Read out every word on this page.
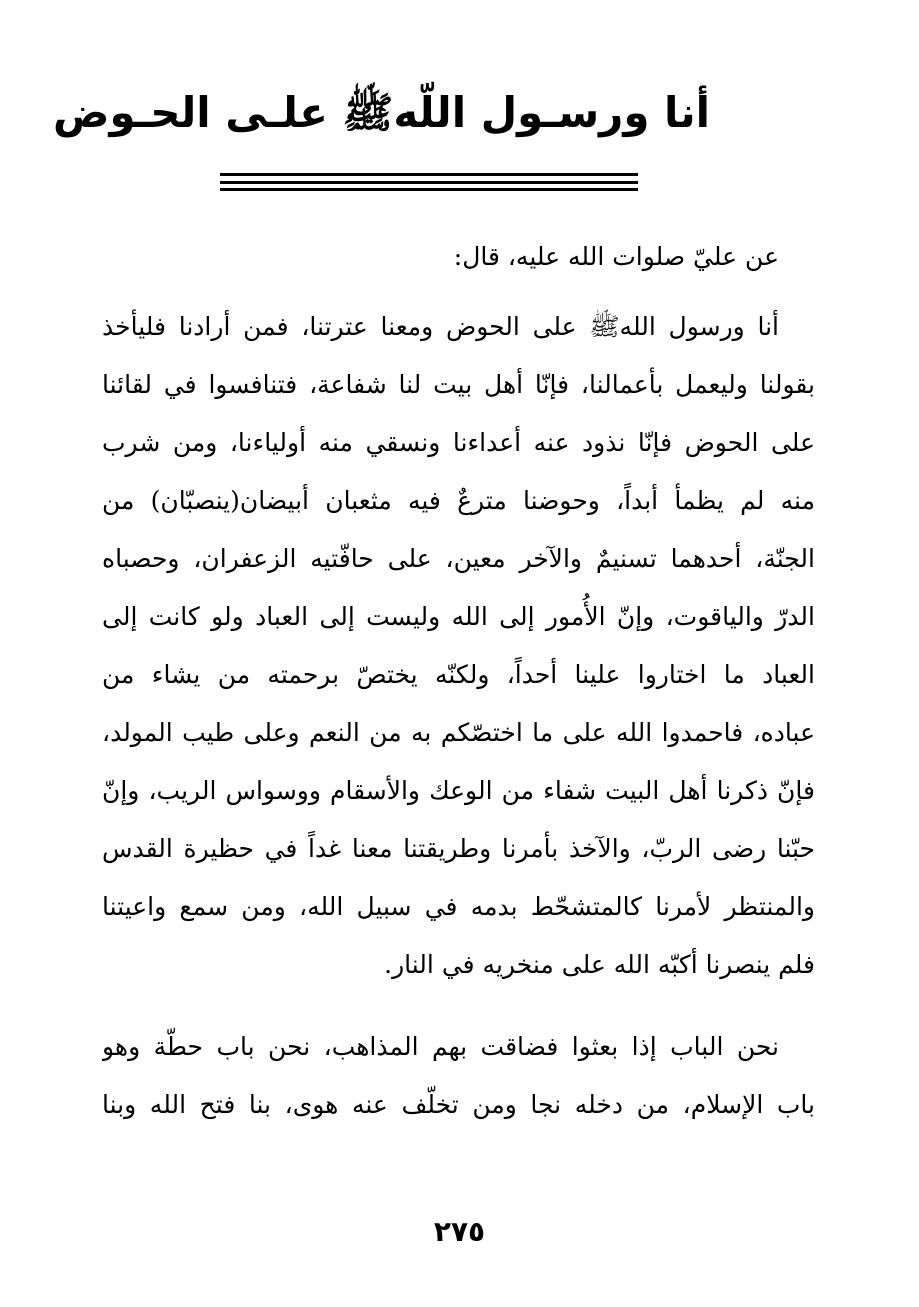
أنا ورسـول اللّهﷺ علـى الحـوض
عن عليّ صلوات الله عليه، قال:
أنا ورسول اللهﷺ على الحوض ومعنا عترتنا، فمن أرادنا فليأخذ
بقولنا وليعمل بأعمالنا، فإنّا أهل بيت لنا شفاعة، فتنافسوا في لقائنا
على الحوض فإنّا نذود عنه أعداءنا ونسقي منه أولياءنا، ومن شرب
منه لم يظمأ أبداً، وحوضنا مترعٌ فيه مثعبان أبيضان(ينصبّان) من
الجنّة، أحدهما تسنيمٌ والآخر معين، على حافّتيه الزعفران، وحصباه
الدرّ والياقوت، وإنّ الأُمور إلى الله وليست إلى العباد ولو كانت إلى
العباد ما اختاروا علينا أحداً، ولكنّه يختصّ برحمته من يشاء من
عباده، فاحمدوا الله على ما اختصّكم به من النعم وعلى طيب المولد،
فإنّ ذكرنا أهل البيت شفاء من الوعك والأسقام ووسواس الريب، وإنّ
حبّنا رضى الربّ، والآخذ بأمرنا وطريقتنا معنا غداً في حظيرة القدس
والمنتظر لأمرنا كالمتشحّط بدمه في سبيل الله، ومن سمع واعيتنا
فلم ينصرنا أكبّه الله على منخريه في النار.
نحن الباب إذا بعثوا فضاقت بهم المذاهب، نحن باب حطّة وهو
باب الإسلام، من دخله نجا ومن تخلّف عنه هوى، بنا فتح الله وبنا
٢٧٥
